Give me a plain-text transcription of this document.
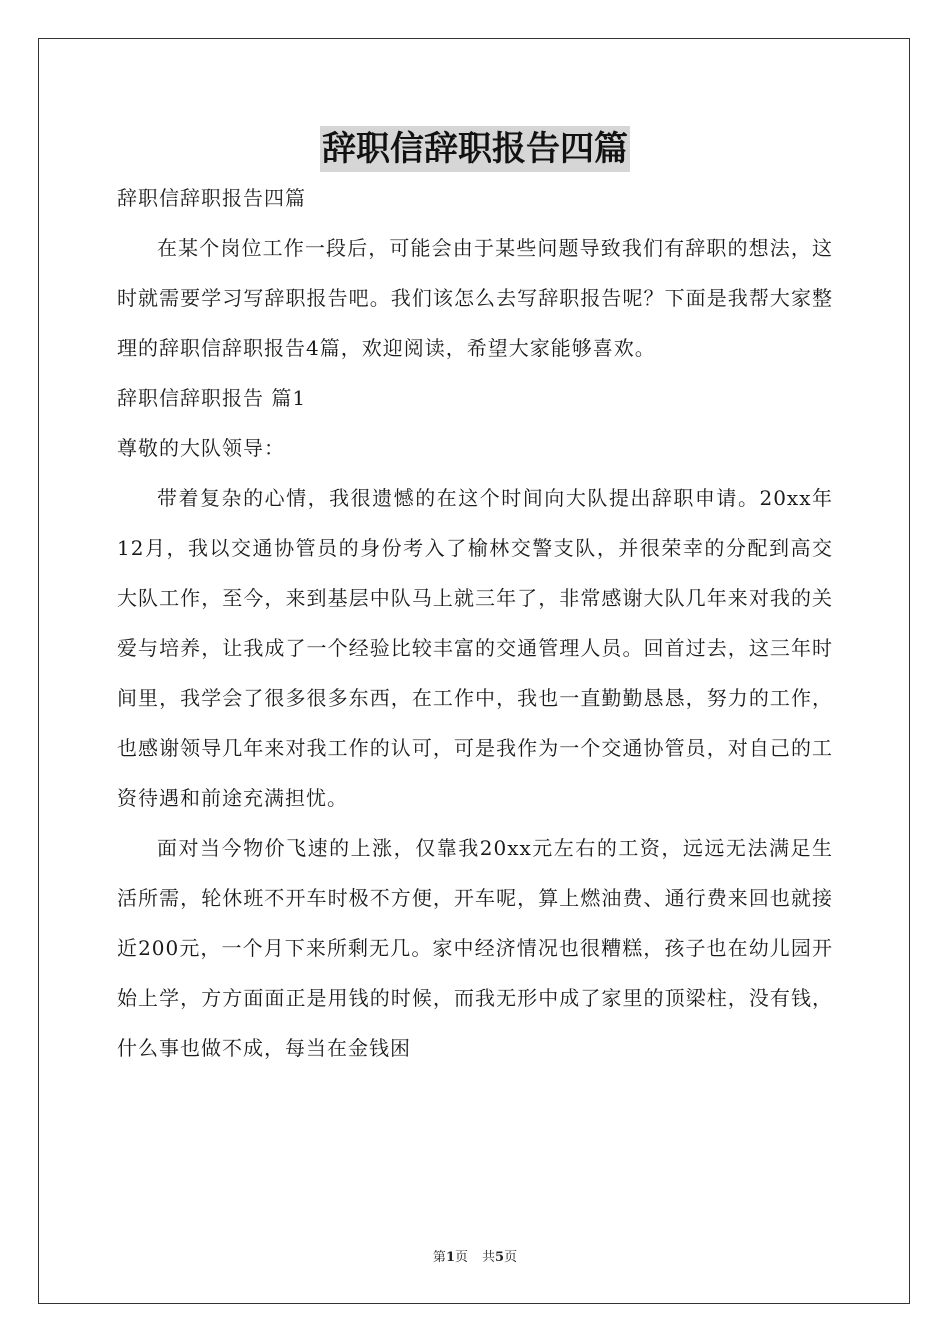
辞职信辞职报告四篇

辞职信辞职报告四篇

在某个岗位工作一段后，可能会由于某些问题导致我们有辞职的想法，这时就需要学习写辞职报告吧。我们该怎么去写辞职报告呢？下面是我帮大家整理的辞职信辞职报告4篇，欢迎阅读，希望大家能够喜欢。

辞职信辞职报告 篇1

尊敬的大队领导：

带着复杂的心情，我很遗憾的在这个时间向大队提出辞职申请。20xx年12月，我以交通协管员的身份考入了榆林交警支队，并很荣幸的分配到高交大队工作，至今，来到基层中队马上就三年了，非常感谢大队几年来对我的关爱与培养，让我成了一个经验比较丰富的交通管理人员。回首过去，这三年时间里，我学会了很多很多东西，在工作中，我也一直勤勤恳恳，努力的工作，也感谢领导几年来对我工作的认可，可是我作为一个交通协管员，对自己的工资待遇和前途充满担忧。

面对当今物价飞速的上涨，仅靠我20xx元左右的工资，远远无法满足生活所需，轮休班不开车时极不方便，开车呢，算上燃油费、通行费来回也就接近200元，一个月下来所剩无几。家中经济情况也很糟糕，孩子也在幼儿园开始上学，方方面面正是用钱的时候，而我无形中成了家里的顶梁柱，没有钱，什么事也做不成，每当在金钱困

第1页 共5页
